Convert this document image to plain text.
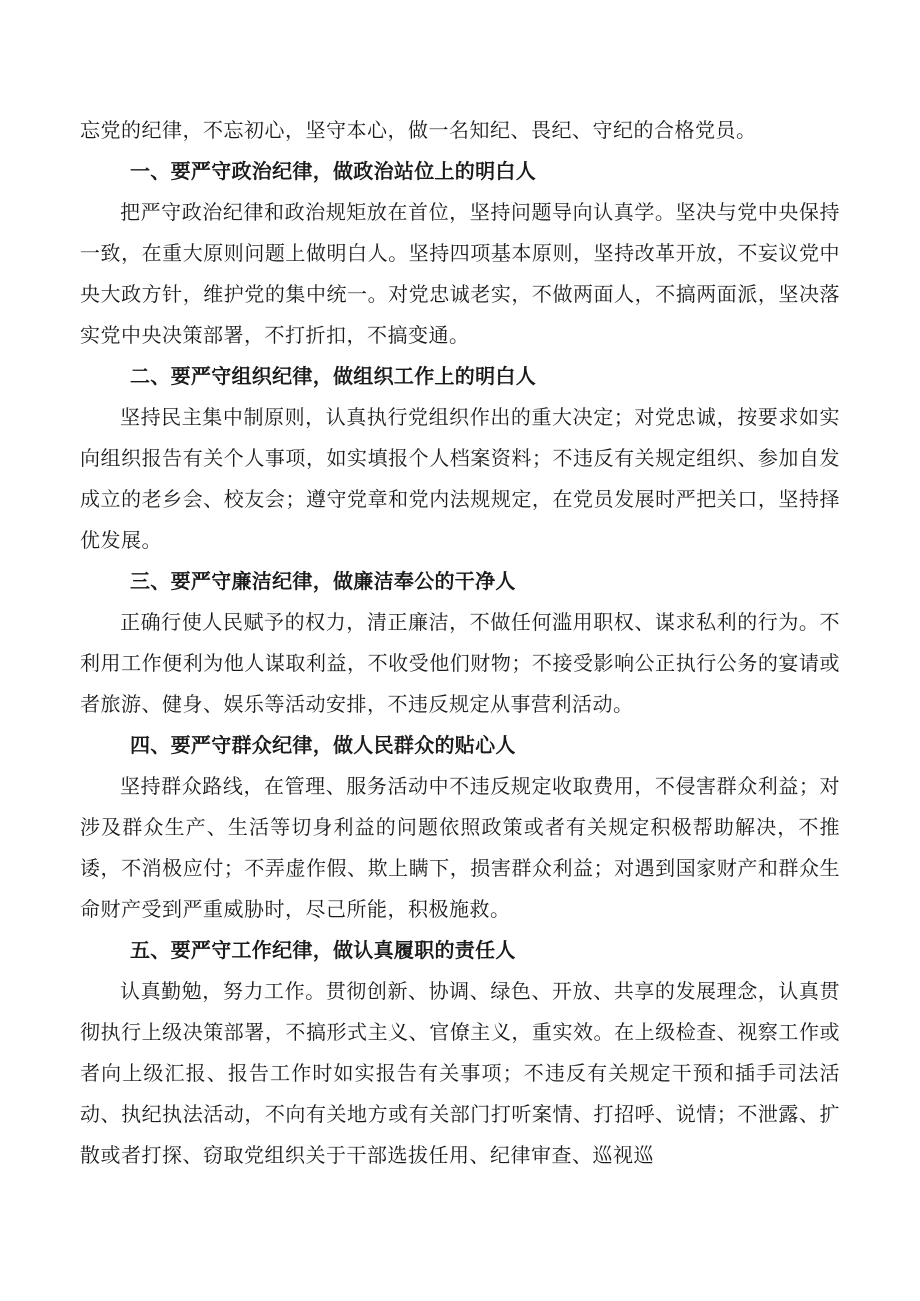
忘党的纪律，不忘初心，坚守本心，做一名知纪、畏纪、守纪的合格党员。

一、要严守政治纪律，做政治站位上的明白人

把严守政治纪律和政治规矩放在首位，坚持问题导向认真学。坚决与党中央保持一致，在重大原则问题上做明白人。坚持四项基本原则，坚持改革开放，不妄议党中央大政方针，维护党的集中统一。对党忠诚老实，不做两面人，不搞两面派，坚决落实党中央决策部署，不打折扣，不搞变通。

二、要严守组织纪律，做组织工作上的明白人

坚持民主集中制原则，认真执行党组织作出的重大决定；对党忠诚，按要求如实向组织报告有关个人事项，如实填报个人档案资料；不违反有关规定组织、参加自发成立的老乡会、校友会；遵守党章和党内法规规定，在党员发展时严把关口，坚持择优发展。

三、要严守廉洁纪律，做廉洁奉公的干净人

正确行使人民赋予的权力，清正廉洁，不做任何滥用职权、谋求私利的行为。不利用工作便利为他人谋取利益，不收受他们财物；不接受影响公正执行公务的宴请或者旅游、健身、娱乐等活动安排，不违反规定从事营利活动。

四、要严守群众纪律，做人民群众的贴心人

坚持群众路线，在管理、服务活动中不违反规定收取费用，不侵害群众利益；对涉及群众生产、生活等切身利益的问题依照政策或者有关规定积极帮助解决，不推诿，不消极应付；不弄虚作假、欺上瞒下，损害群众利益；对遇到国家财产和群众生命财产受到严重威胁时，尽己所能，积极施救。

五、要严守工作纪律，做认真履职的责任人

认真勤勉，努力工作。贯彻创新、协调、绿色、开放、共享的发展理念，认真贯彻执行上级决策部署，不搞形式主义、官僚主义，重实效。在上级检查、视察工作或者向上级汇报、报告工作时如实报告有关事项；不违反有关规定干预和插手司法活动、执纪执法活动，不向有关地方或有关部门打听案情、打招呼、说情；不泄露、扩散或者打探、窃取党组织关于干部选拔任用、纪律审查、巡视巡
